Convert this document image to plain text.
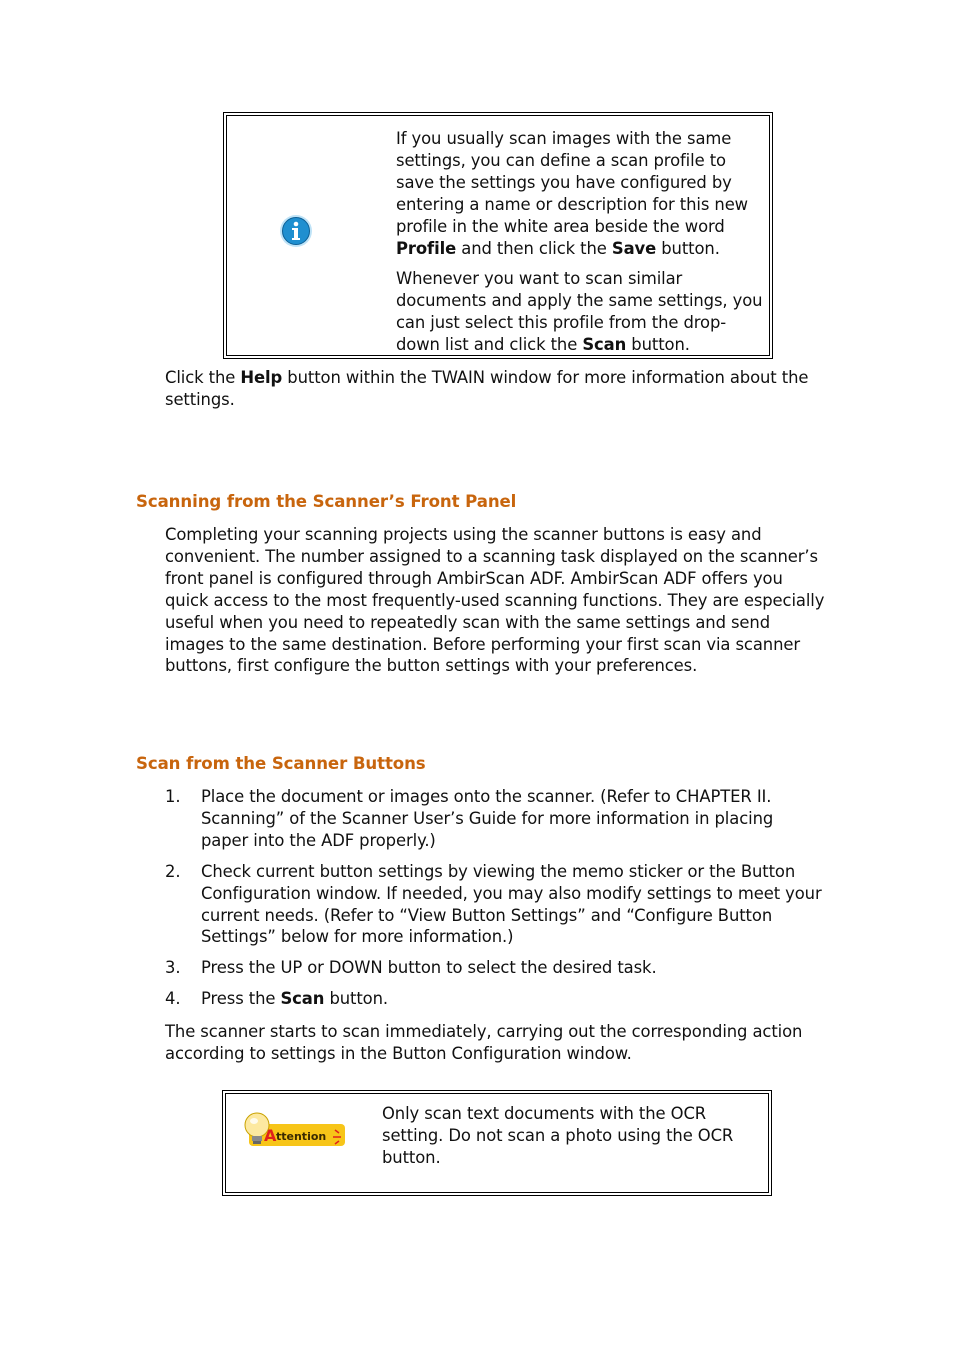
If you usually scan images with the same settings, you can define a scan profile to save the settings you have configured by entering a name or description for this new profile in the white area beside the word Profile and then click the Save button.

Whenever you want to scan similar documents and apply the same settings, you can just select this profile from the drop-down list and click the Scan button.

Click the Help button within the TWAIN window for more information about the settings.

Scanning from the Scanner’s Front Panel

Completing your scanning projects using the scanner buttons is easy and convenient. The number assigned to a scanning task displayed on the scanner’s front panel is configured through AmbirScan ADF. AmbirScan ADF offers you quick access to the most frequently-used scanning functions. They are especially useful when you need to repeatedly scan with the same settings and send images to the same destination. Before performing your first scan via scanner buttons, first configure the button settings with your preferences.

Scan from the Scanner Buttons
1. Place the document or images onto the scanner. (Refer to CHAPTER II. Scanning” of the Scanner User’s Guide for more information in placing paper into the ADF properly.)
2. Check current button settings by viewing the memo sticker or the Button Configuration window. If needed, you may also modify settings to meet your current needs. (Refer to “View Button Settings” and “Configure Button Settings” below for more information.)
3. Press the UP or DOWN button to select the desired task.
4. Press the Scan button.

The scanner starts to scan immediately, carrying out the corresponding action according to settings in the Button Configuration window.

A ttention

Only scan text documents with the OCR setting. Do not scan a photo using the OCR button.
